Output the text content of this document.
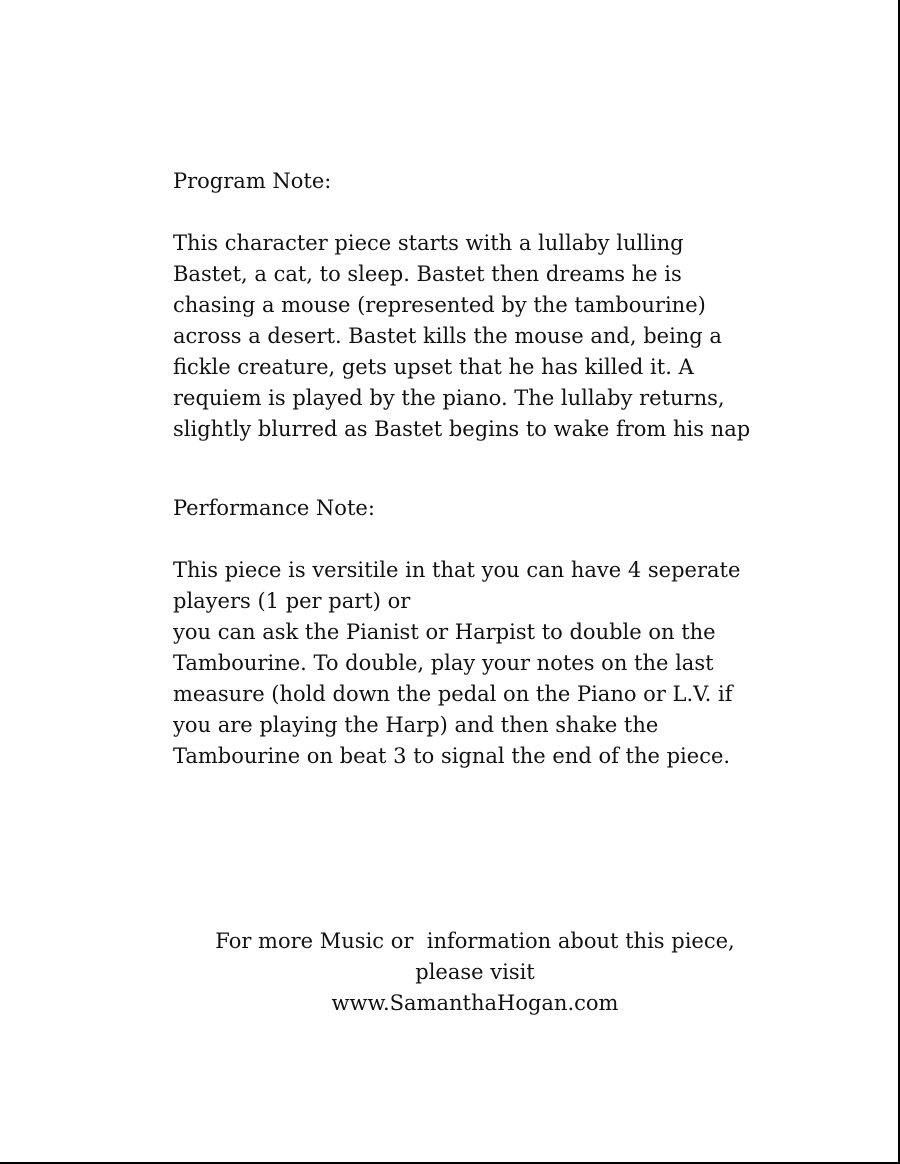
Program Note:

This character piece starts with a lullaby lulling
Bastet, a cat, to sleep. Bastet then dreams he is
chasing a mouse (represented by the tambourine)
across a desert. Bastet kills the mouse and, being a
fickle creature, gets upset that he has killed it. A
requiem is played by the piano. The lullaby returns,
slightly blurred as Bastet begins to wake from his nap

Performance Note:

This piece is versitile in that you can have 4 seperate
players (1 per part) or
you can ask the Pianist or Harpist to double on the
Tambourine. To double, play your notes on the last
measure (hold down the pedal on the Piano or L.V. if
you are playing the Harp) and then shake the
Tambourine on beat 3 to signal the end of the piece.

For more Music or  information about this piece,
please visit
www.SamanthaHogan.com
